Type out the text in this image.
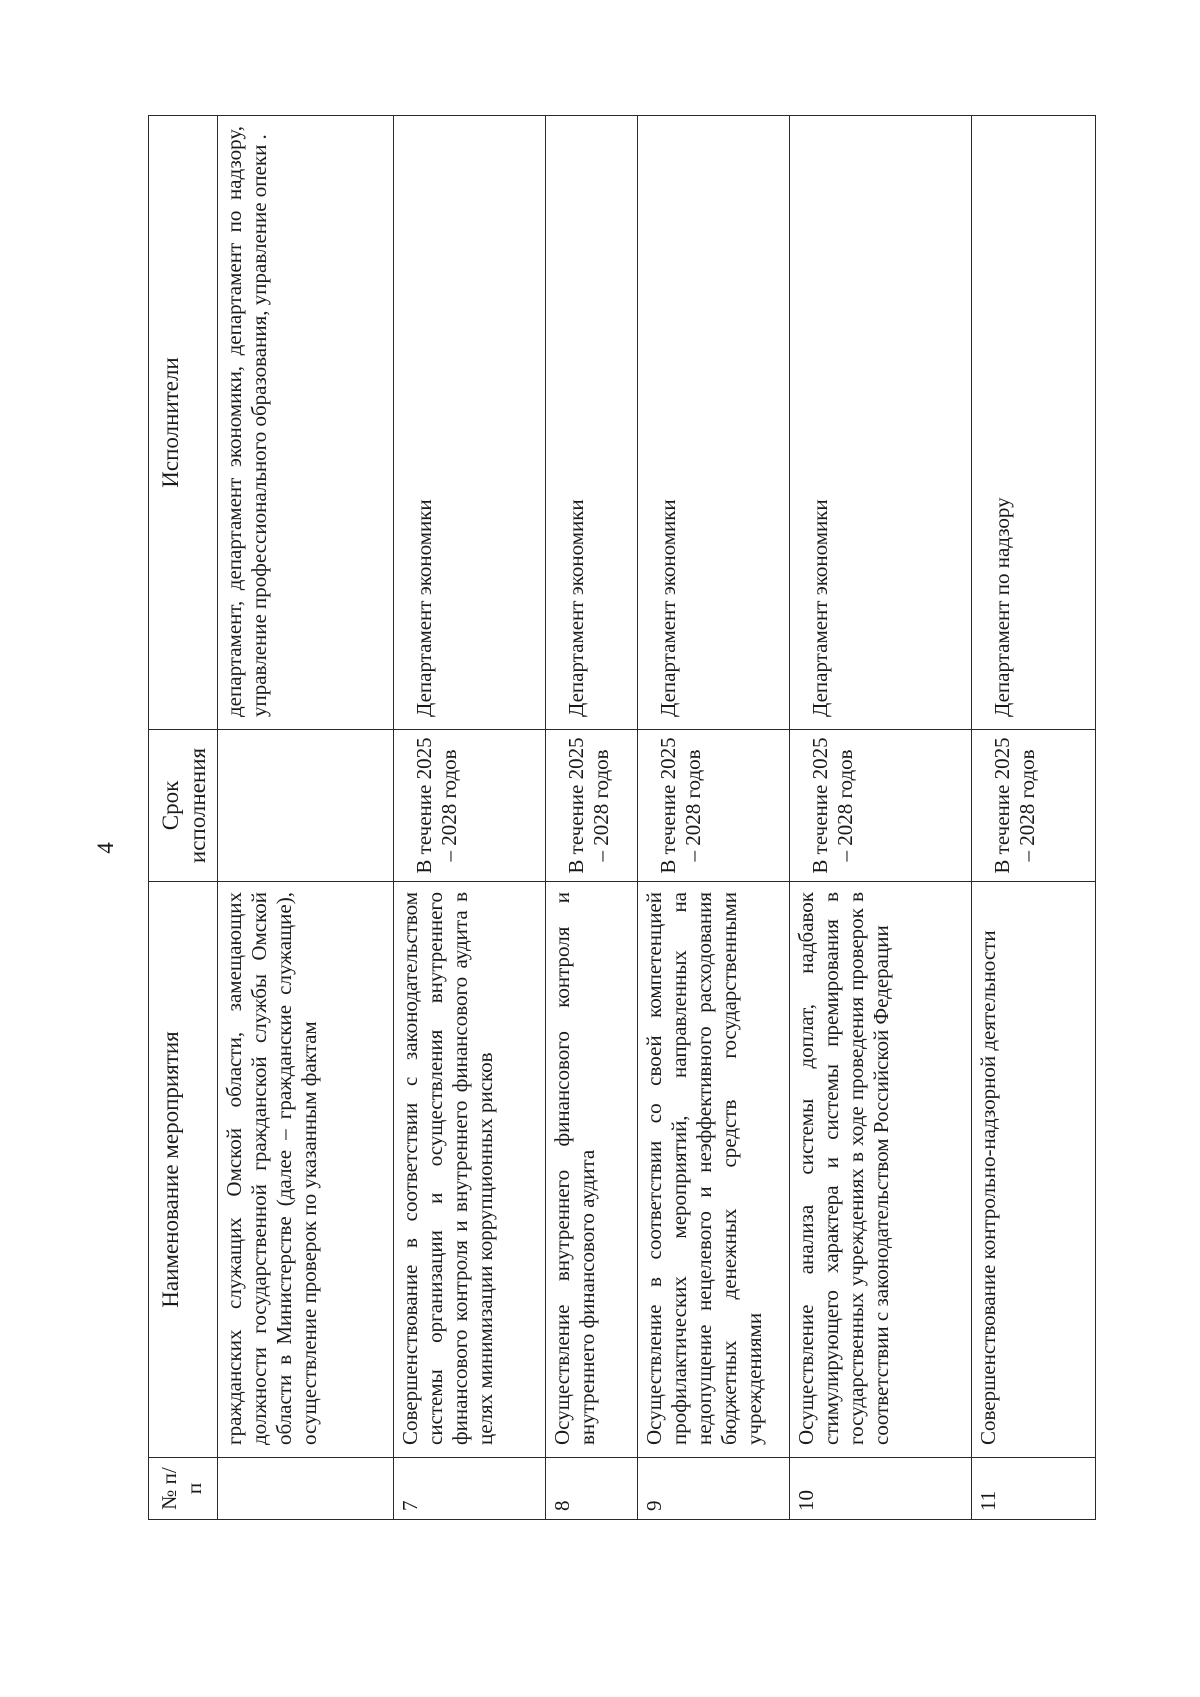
4
№ п/п	Наименование мероприятия	Срок исполнения	Исполнители
	гражданских служащих Омской области, замещающих должности государственной гражданской службы Омской области в Министерстве (далее – гражданские служащие), осуществление проверок по указанным фактам		департамент, департамент экономики, департамент по надзору, управление профессионального образования, управление опеки .
7	Совершенствование в соответствии с законодательством системы организации и осуществления внутреннего финансового контроля и внутреннего финансового аудита в целях минимизации коррупционных рисков	В течение 2025 – 2028 годов	Департамент экономики
8	Осуществление внутреннего финансового контроля и внутреннего финансового аудита	В течение 2025 – 2028 годов	Департамент экономики
9	Осуществление в соответствии со своей компетенцией профилактических мероприятий, направленных на недопущение нецелевого и неэффективного расходования бюджетных денежных средств государственными учреждениями	В течение 2025 – 2028 годов	Департамент экономики
10	Осуществление анализа системы доплат, надбавок стимулирующего характера и системы премирования в государственных учреждениях в ходе проведения проверок в соответствии с законодательством Российской Федерации	В течение 2025 – 2028 годов	Департамент экономики
11	Совершенствование контрольно-надзорной деятельности	В течение 2025 – 2028 годов	Департамент по надзору
